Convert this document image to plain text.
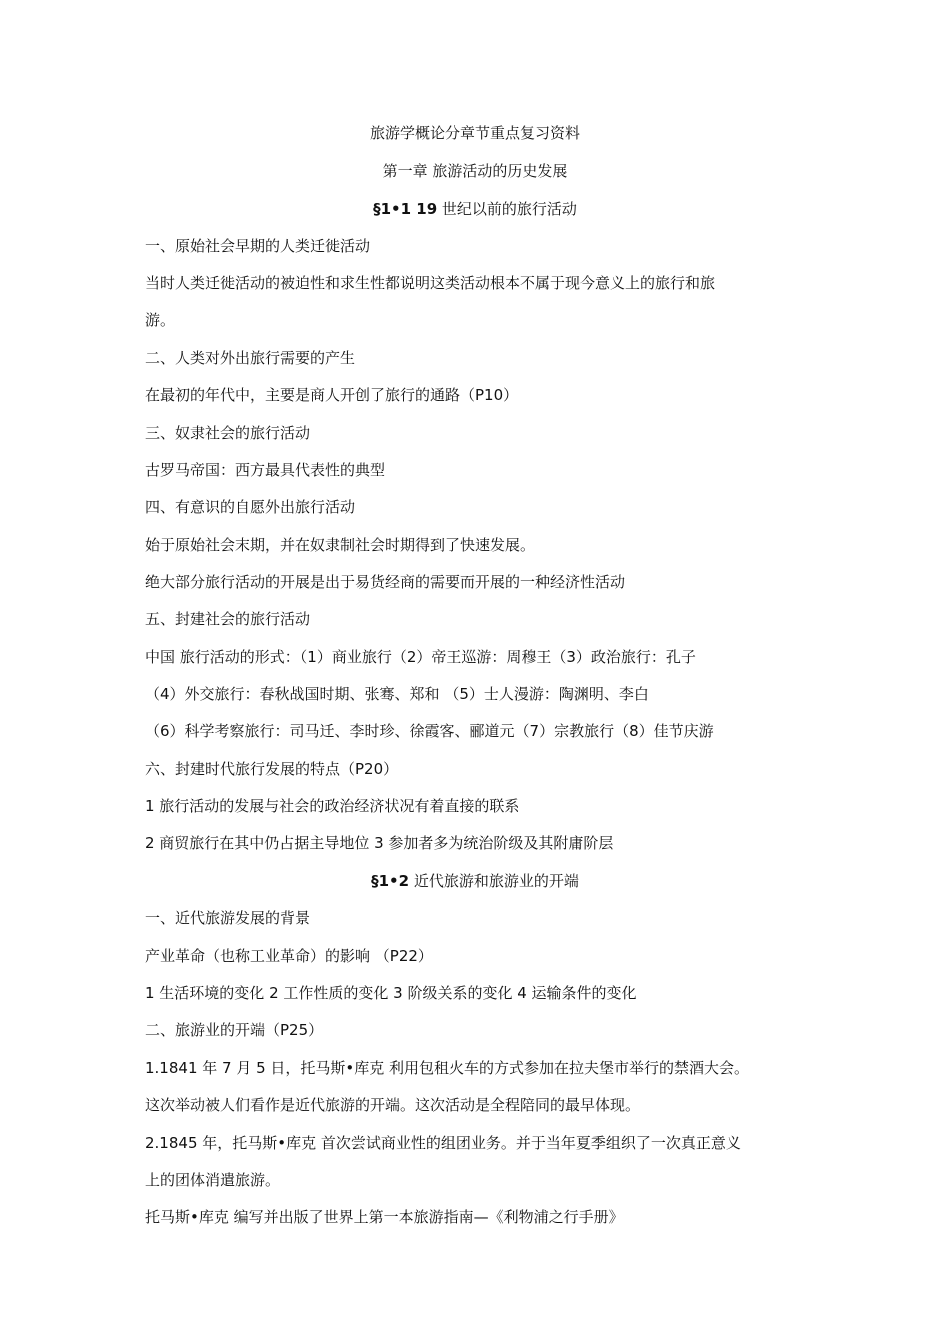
旅游学概论分章节重点复习资料
第一章 旅游活动的历史发展
§1•1 19 世纪以前的旅行活动
一、原始社会早期的人类迁徙活动
当时人类迁徙活动的被迫性和求生性都说明这类活动根本不属于现今意义上的旅行和旅
游。
二、人类对外出旅行需要的产生
在最初的年代中，主要是商人开创了旅行的通路（P10）
三、奴隶社会的旅行活动
古罗马帝国：西方最具代表性的典型
四、有意识的自愿外出旅行活动
始于原始社会末期，并在奴隶制社会时期得到了快速发展。
绝大部分旅行活动的开展是出于易货经商的需要而开展的一种经济性活动
五、封建社会的旅行活动
中国 旅行活动的形式：（1）商业旅行（2）帝王巡游：周穆王（3）政治旅行：孔子
（4）外交旅行：春秋战国时期、张骞、郑和 （5）士人漫游：陶渊明、李白
（6）科学考察旅行：司马迁、李时珍、徐霞客、郦道元（7）宗教旅行（8）佳节庆游
六、封建时代旅行发展的特点（P20）
1 旅行活动的发展与社会的政治经济状况有着直接的联系
2 商贸旅行在其中仍占据主导地位 3 参加者多为统治阶级及其附庸阶层
§1•2 近代旅游和旅游业的开端
一、近代旅游发展的背景
产业革命（也称工业革命）的影响 （P22）
1 生活环境的变化 2 工作性质的变化 3 阶级关系的变化 4 运输条件的变化
二、旅游业的开端（P25）
1.1841 年 7 月 5 日，托马斯•库克 利用包租火车的方式参加在拉夫堡市举行的禁酒大会。
这次举动被人们看作是近代旅游的开端。这次活动是全程陪同的最早体现。
2.1845 年，托马斯•库克 首次尝试商业性的组团业务。并于当年夏季组织了一次真正意义
上的团体消遣旅游。
托马斯•库克 编写并出版了世界上第一本旅游指南—《利物浦之行手册》
